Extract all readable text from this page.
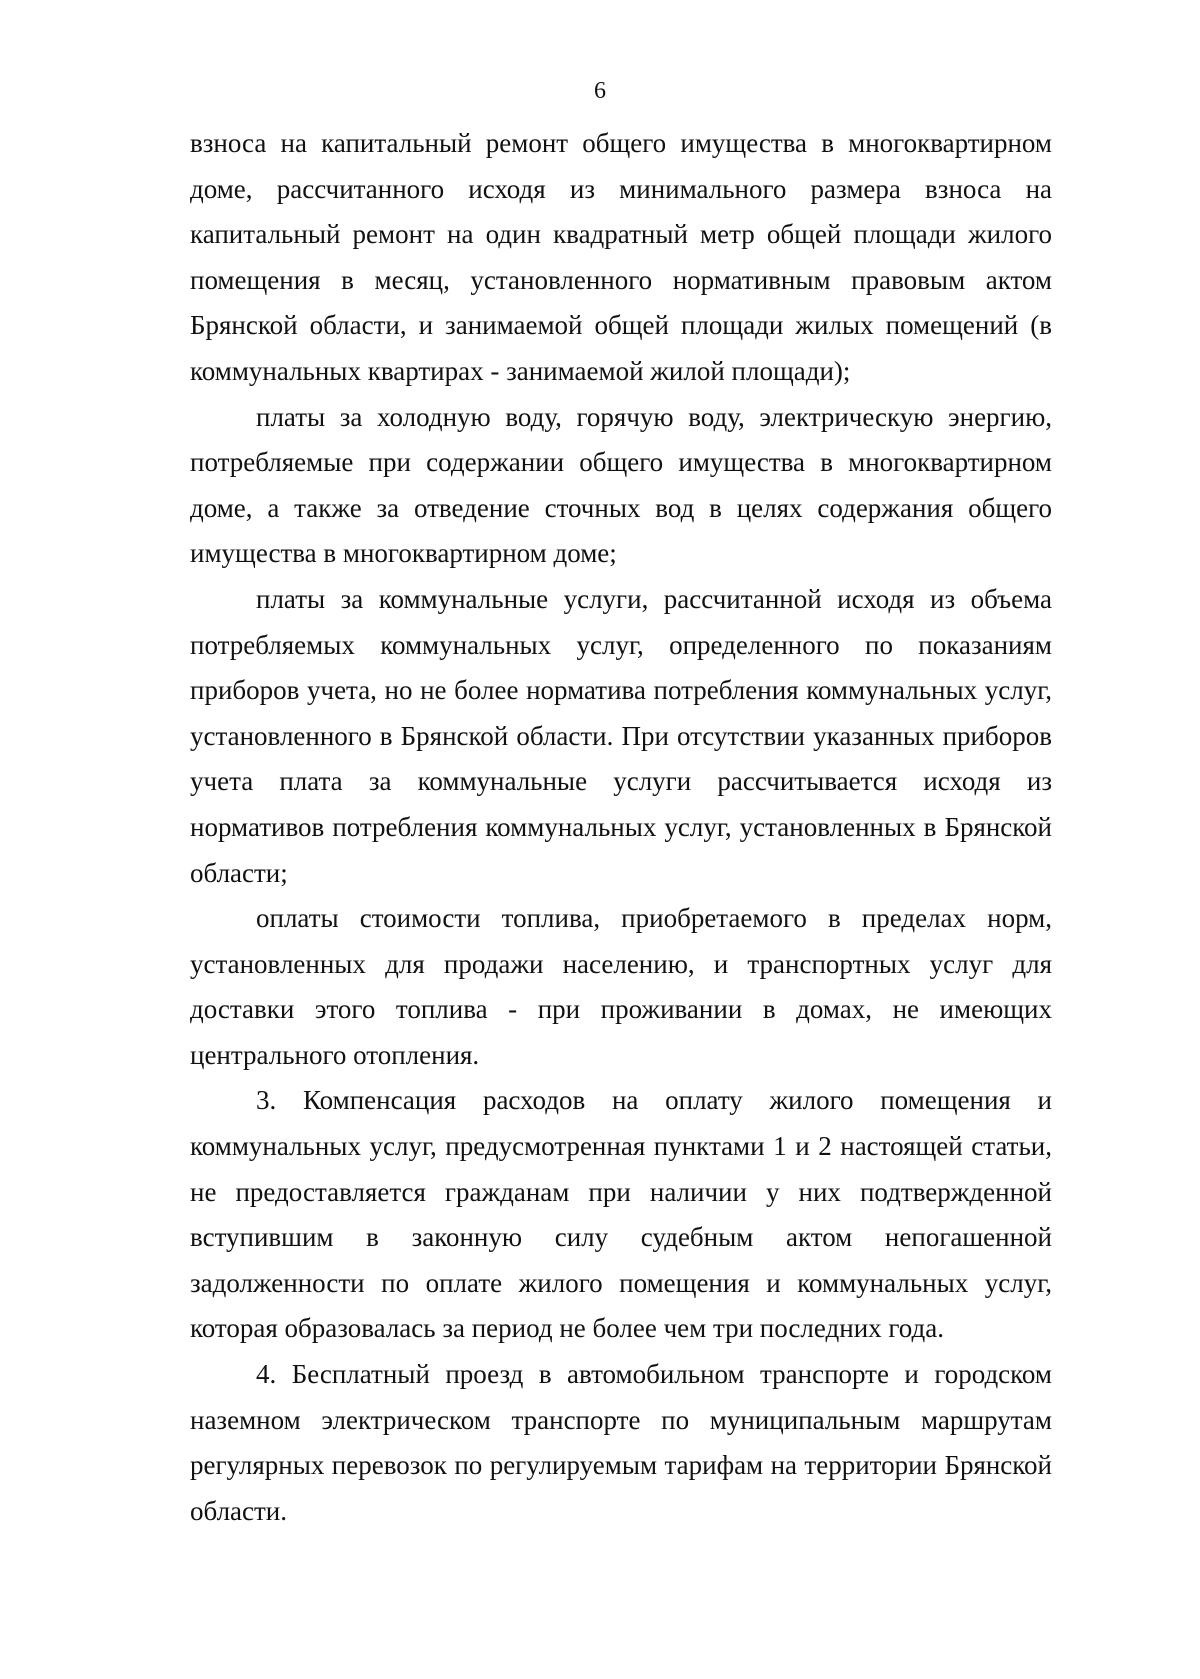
6

взноса на капитальный ремонт общего имущества в многоквартирном доме, рассчитанного исходя из минимального размера взноса на капитальный ремонт на один квадратный метр общей площади жилого помещения в месяц, установленного нормативным правовым актом Брянской области, и занимаемой общей площади жилых помещений (в коммунальных квартирах - занимаемой жилой площади);

платы за холодную воду, горячую воду, электрическую энергию, потребляемые при содержании общего имущества в многоквартирном доме, а также за отведение сточных вод в целях содержания общего имущества в многоквартирном доме;

платы за коммунальные услуги, рассчитанной исходя из объема потребляемых коммунальных услуг, определенного по показаниям приборов учета, но не более норматива потребления коммунальных услуг, установленного в Брянской области. При отсутствии указанных приборов учета плата за коммунальные услуги рассчитывается исходя из нормативов потребления коммунальных услуг, установленных в Брянской области;

оплаты стоимости топлива, приобретаемого в пределах норм, установленных для продажи населению, и транспортных услуг для доставки этого топлива - при проживании в домах, не имеющих центрального отопления.

3. Компенсация расходов на оплату жилого помещения и коммунальных услуг, предусмотренная пунктами 1 и 2 настоящей статьи, не предоставляется гражданам при наличии у них подтвержденной вступившим в законную силу судебным актом непогашенной задолженности по оплате жилого помещения и коммунальных услуг, которая образовалась за период не более чем три последних года.

4. Бесплатный проезд в автомобильном транспорте и городском наземном электрическом транспорте по муниципальным маршрутам регулярных перевозок по регулируемым тарифам на территории Брянской области.
